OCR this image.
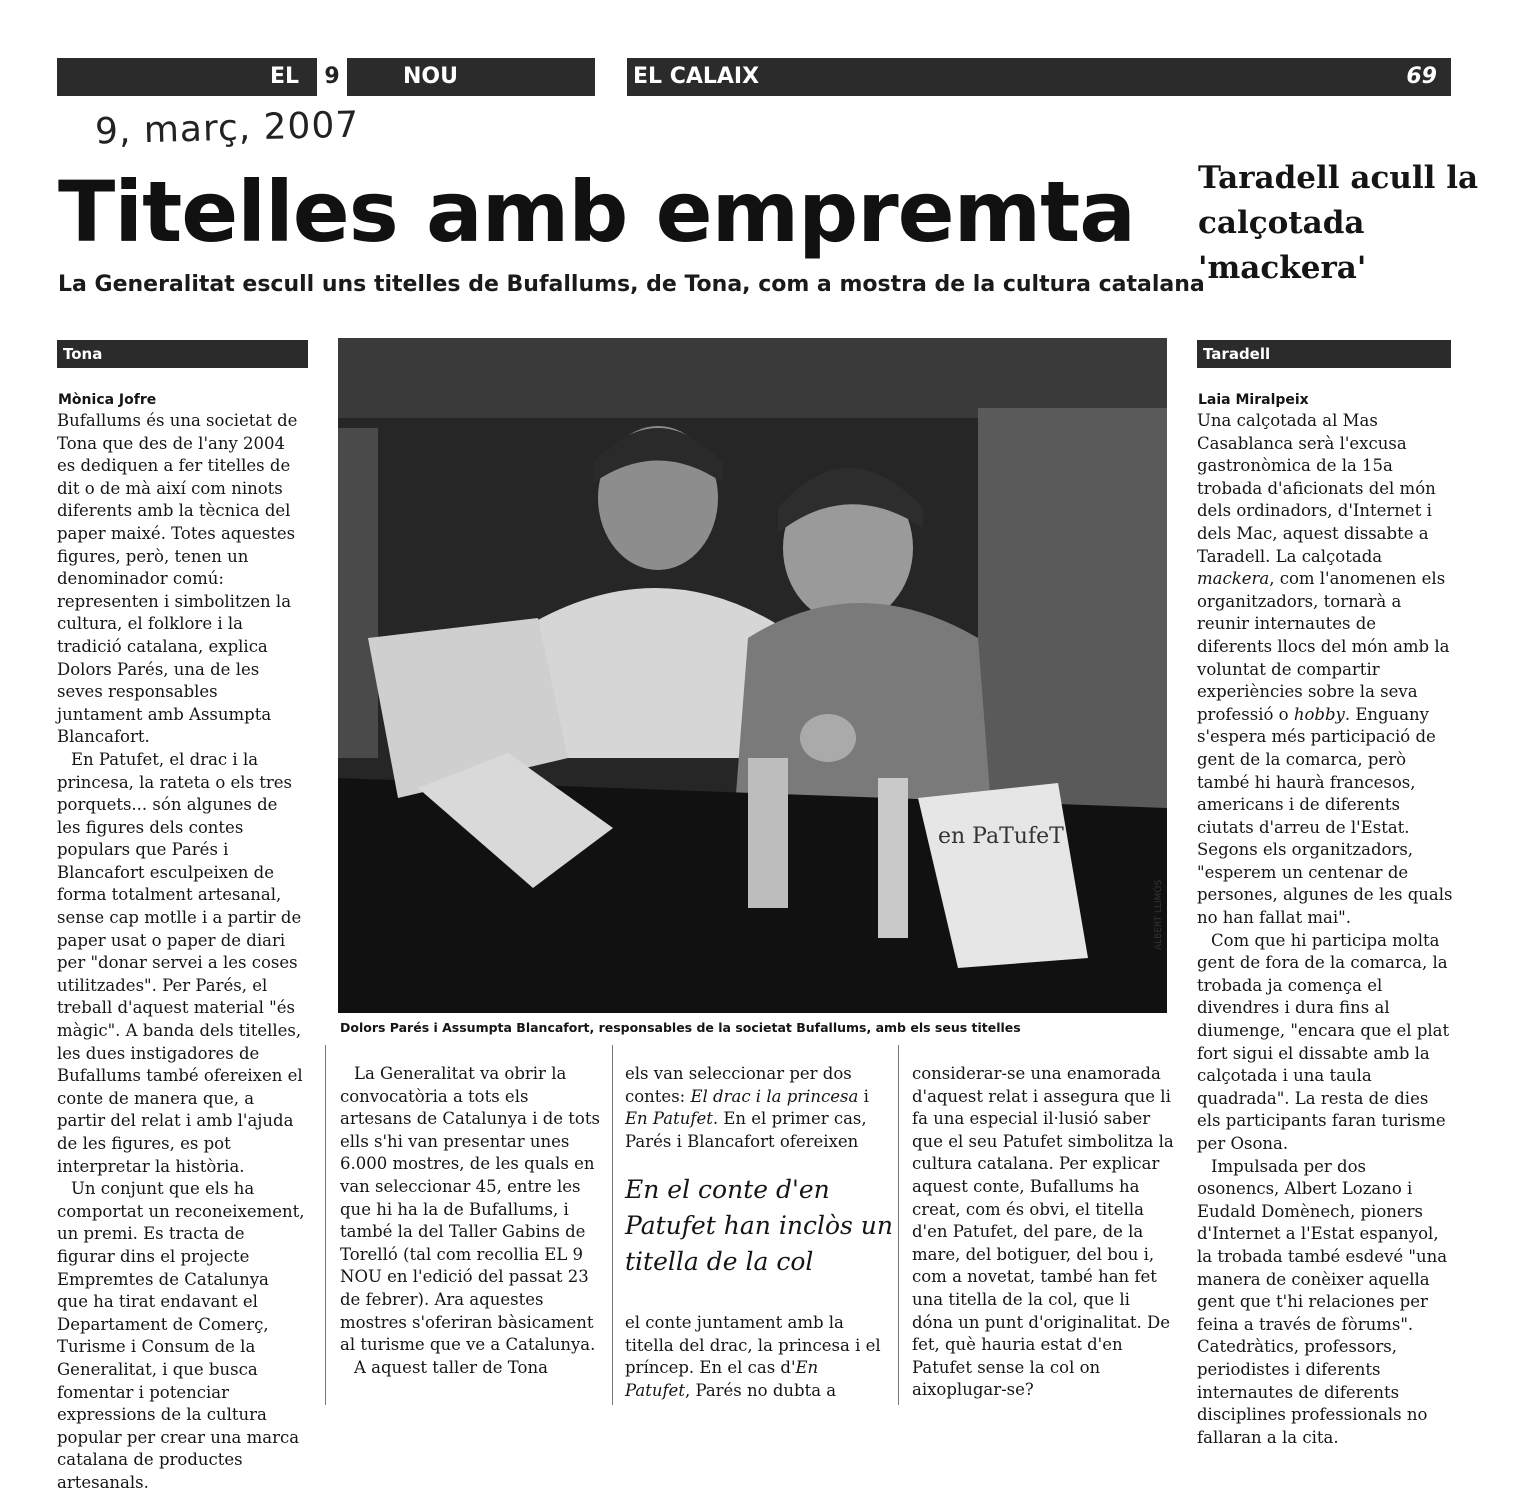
EL	9	NOU	EL CALAIX	69
9, març, 2007
Titelles amb empremta
La Generalitat escull uns titelles de Bufallums, de Tona, com a mostra de la cultura catalana
Taradell acull la calçotada 'mackera'
Tona	Taradell
en PaTufeT
ALBERT LLIMÓS
Dolors Parés i Assumpta Blancafort, responsables de la societat Bufallums, amb els seus titelles
Mònica Jofre

Bufallums és una societat de Tona que des de l'any 2004 es dediquen a fer titelles de dit o de mà així com ninots diferents amb la tècnica del paper maixé. Totes aquestes figures, però, tenen un denominador comú: representen i simbolitzen la cultura, el folklore i la tradició catalana, explica Dolors Parés, una de les seves responsables juntament amb Assumpta Blancafort.

En Patufet, el drac i la princesa, la rateta o els tres porquets... són algunes de les figures dels contes populars que Parés i Blancafort esculpeixen de forma totalment artesanal, sense cap motlle i a partir de paper usat o paper de diari per "donar servei a les coses utilitzades". Per Parés, el treball d'aquest material "és màgic". A banda dels titelles, les dues instigadores de Bufallums també ofereixen el conte de manera que, a partir del relat i amb l'ajuda de les figures, es pot interpretar la història.

Un conjunt que els ha comportat un reconeixement, un premi. Es tracta de figurar dins el projecte Empremtes de Catalunya que ha tirat endavant el Departament de Comerç, Turisme i Consum de la Generalitat, i que busca fomentar i potenciar expressions de la cultura popular per crear una marca catalana de productes artesanals.

La Generalitat va obrir la convocatòria a tots els artesans de Catalunya i de tots ells s'hi van presentar unes 6.000 mostres, de les quals en van seleccionar 45, entre les que hi ha la de Bufallums, i també la del Taller Gabins de Torelló (tal com recollia EL 9 NOU en l'edició del passat 23 de febrer). Ara aquestes mostres s'oferiran bàsicament al turisme que ve a Catalunya.

A aquest taller de Tona

els van seleccionar per dos contes: El drac i la princesa i En Patufet. En el primer cas, Parés i Blancafort ofereixen

En el conte d'en Patufet han inclòs un titella de la col

el conte juntament amb la titella del drac, la princesa i el príncep. En el cas d'En Patufet, Parés no dubta a

considerar-se una enamorada d'aquest relat i assegura que li fa una especial il·lusió saber que el seu Patufet simbolitza la cultura catalana. Per explicar aquest conte, Bufallums ha creat, com és obvi, el titella d'en Patufet, del pare, de la mare, del botiguer, del bou i, com a novetat, també han fet una titella de la col, que li dóna un punt d'originalitat. De fet, què hauria estat d'en Patufet sense la col on aixoplugar-se?

Laia Miralpeix

Una calçotada al Mas Casablanca serà l'excusa gastronòmica de la 15a trobada d'aficionats del món dels ordinadors, d'Internet i dels Mac, aquest dissabte a Taradell. La calçotada mackera, com l'anomenen els organitzadors, tornarà a reunir internautes de diferents llocs del món amb la voluntat de compartir experiències sobre la seva professió o hobby. Enguany s'espera més participació de gent de la comarca, però també hi haurà francesos, americans i de diferents ciutats d'arreu de l'Estat. Segons els organitzadors, "esperem un centenar de persones, algunes de les quals no han fallat mai".

Com que hi participa molta gent de fora de la comarca, la trobada ja comença el divendres i dura fins al diumenge, "encara que el plat fort sigui el dissabte amb la calçotada i una taula quadrada". La resta de dies els participants faran turisme per Osona.

Impulsada per dos osonencs, Albert Lozano i Eudald Domènech, pioners d'Internet a l'Estat espanyol, la trobada també esdevé "una manera de conèixer aquella gent que t'hi relaciones per feina a través de fòrums". Catedràtics, professors, periodistes i diferents internautes de diferents disciplines professionals no fallaran a la cita.
